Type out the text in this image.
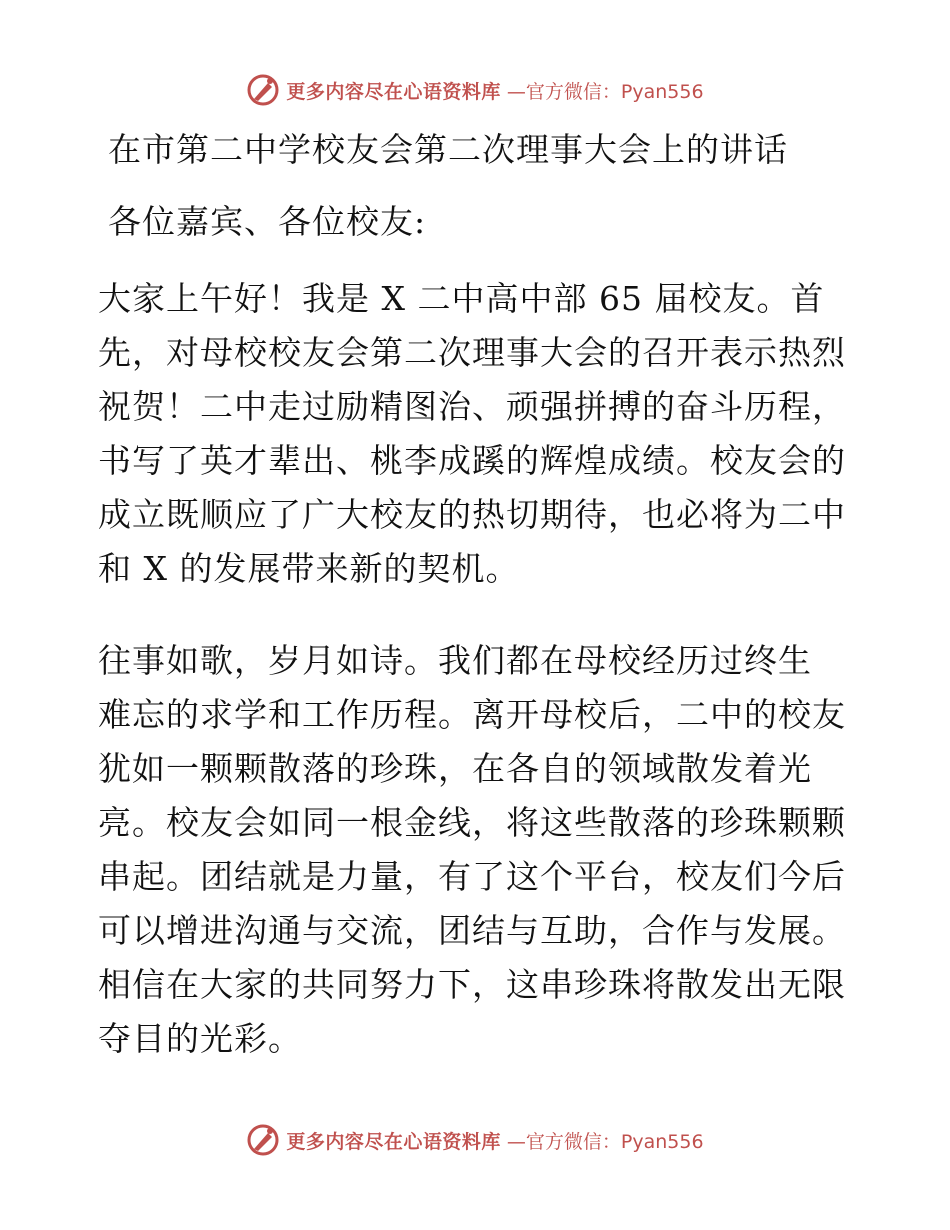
更多内容尽在心语资料库 —官方微信：Pyan556
在市第二中学校友会第二次理事大会上的讲话
各位嘉宾、各位校友:
大家上午好！我是 X 二中高中部 65 届校友。首
先，对母校校友会第二次理事大会的召开表示热烈
祝贺！二中走过励精图治、顽强拼搏的奋斗历程，
书写了英才辈出、桃李成蹊的辉煌成绩。校友会的
成立既顺应了广大校友的热切期待，也必将为二中
和 X 的发展带来新的契机。
往事如歌，岁月如诗。我们都在母校经历过终生
难忘的求学和工作历程。离开母校后，二中的校友
犹如一颗颗散落的珍珠，在各自的领域散发着光
亮。校友会如同一根金线，将这些散落的珍珠颗颗
串起。团结就是力量，有了这个平台，校友们今后
可以增进沟通与交流，团结与互助，合作与发展。
相信在大家的共同努力下，这串珍珠将散发出无限
夺目的光彩。
更多内容尽在心语资料库 —官方微信：Pyan556
